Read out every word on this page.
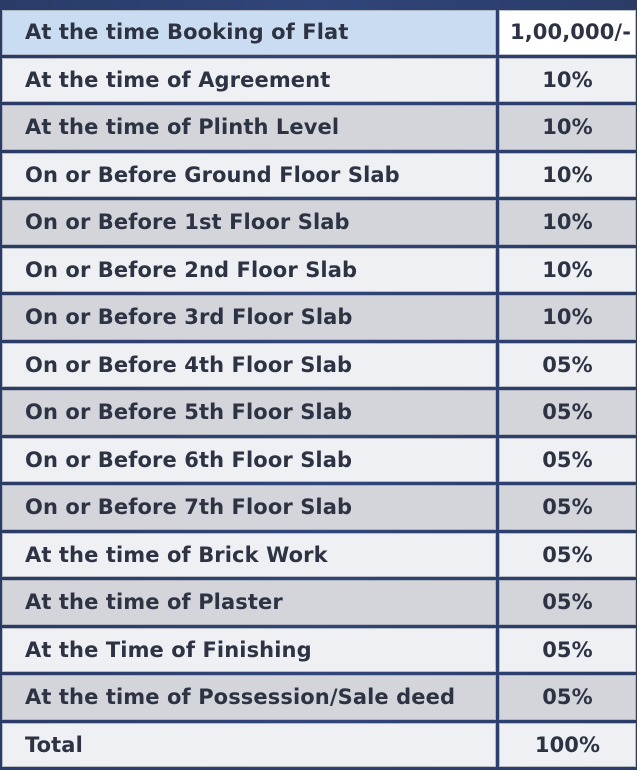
At the time Booking of Flat	1,00,000/-
At the time of Agreement	10%
At the time of Plinth Level	10%
On or Before Ground Floor Slab	10%
On or Before 1st Floor Slab	10%
On or Before 2nd Floor Slab	10%
On or Before 3rd Floor Slab	10%
On or Before 4th Floor Slab	05%
On or Before 5th Floor Slab	05%
On or Before 6th Floor Slab	05%
On or Before 7th Floor Slab	05%
At the time of Brick Work	05%
At the time of Plaster	05%
At the Time of Finishing	05%
At the time of Possession/Sale deed	05%
Total	100%
